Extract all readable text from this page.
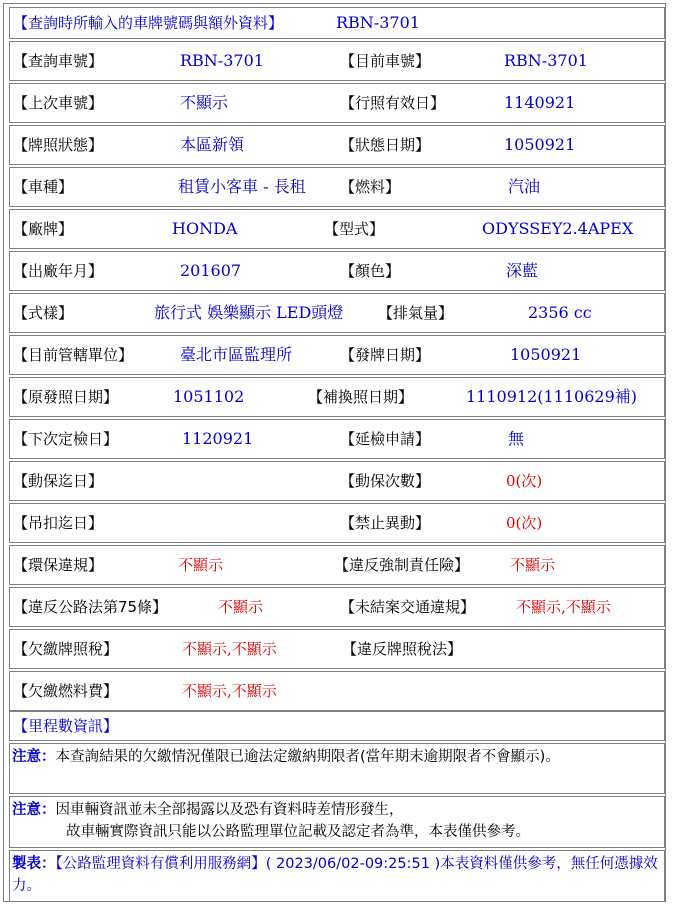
【查詢時所輸入的車牌號碼與額外資料】	RBN-3701
【查詢車號】	RBN-3701	【目前車號】	RBN-3701
【上次車號】	不顯示	【行照有效日】	1140921
【牌照狀態】	本區新領	【狀態日期】	1050921
【車種】	租賃小客車 - 長租 【燃料】	汽油
【廠牌】	HONDA	【型式】	ODYSSEY2.4APEX
【出廠年月】	201607	【顏色】	深藍
【式樣】	旅行式 娛樂顯示 LED頭燈 【排氣量】	2356 cc
【目前管轄單位】	臺北市區監理所	【發牌日期】	1050921
【原發照日期】	1051102	【補換照日期】	1110912(1110629補)
【下次定檢日】	1120921	【延檢申請】	無
【動保迄日】	【動保次數】	0(次)
【吊扣迄日】	【禁止異動】	0(次)
【環保違規】	不顯示	【違反強制責任險】	不顯示
【違反公路法第75條】	不顯示	【未結案交通違規】	不顯示,不顯示
【欠繳牌照稅】	不顯示,不顯示	【違反牌照稅法】
【欠繳燃料費】	不顯示,不顯示
【里程數資訊】
注意：本查詢結果的欠繳情況僅限已逾法定繳納期限者(當年期末逾期限者不會顯示)。
注意：因車輛資訊並未全部揭露以及恐有資料時差情形發生，
故車輛實際資訊只能以公路監理單位記載及認定者為準，本表僅供參考。
製表：【公路監理資料有償利用服務網】( 2023/06/02-09:25:51 )本表資料僅供參考，無任何憑據效力。
